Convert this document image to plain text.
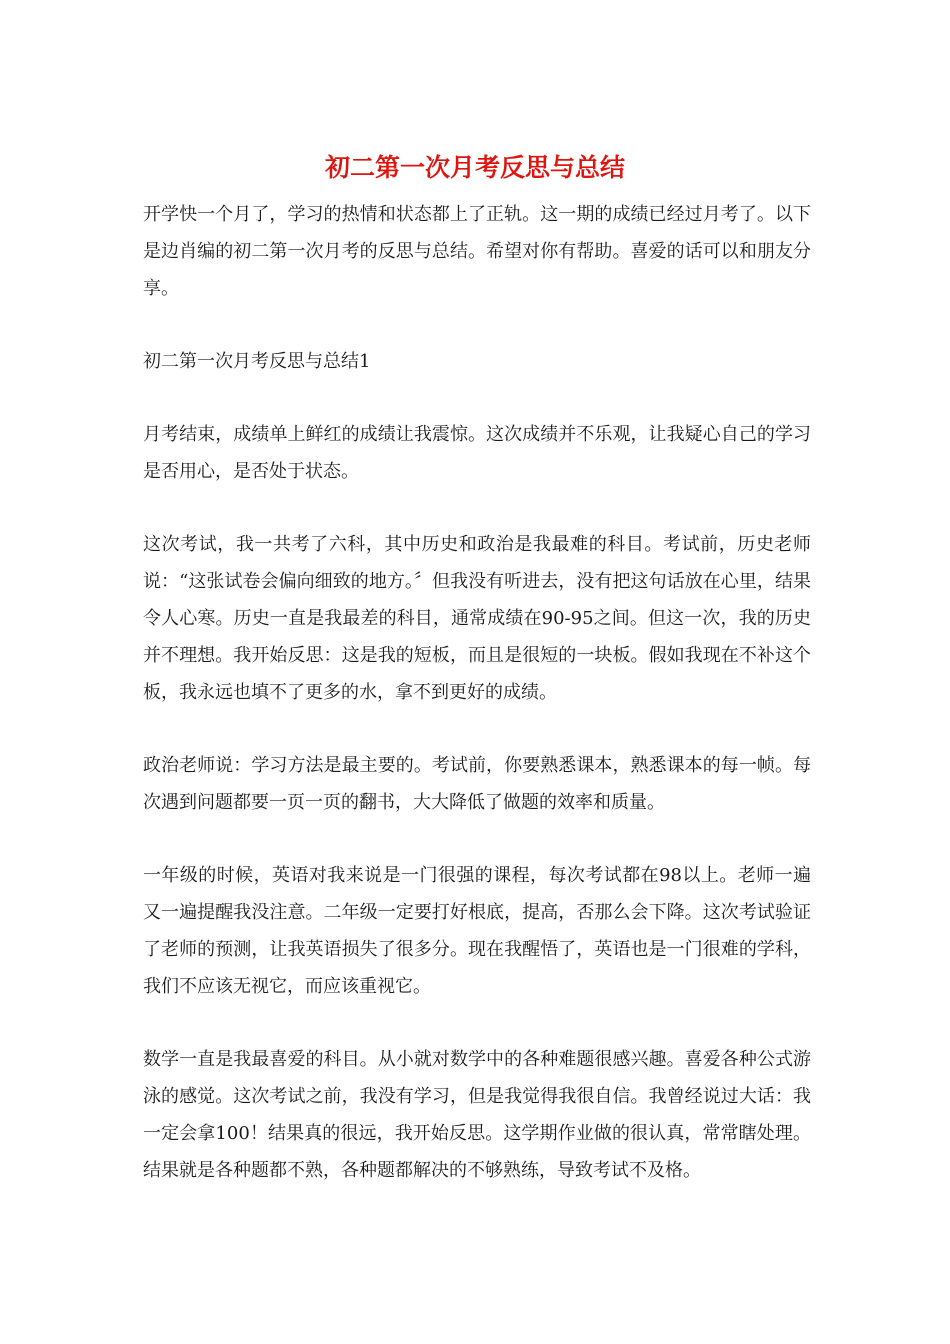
初二第一次月考反思与总结

开学快一个月了，学习的热情和状态都上了正轨。这一期的成绩已经过月考了。以下是边肖编的初二第一次月考的反思与总结。希望对你有帮助。喜爱的话可以和朋友分享。

初二第一次月考反思与总结1

月考结束，成绩单上鲜红的成绩让我震惊。这次成绩并不乐观，让我疑心自己的学习是否用心，是否处于状态。

这次考试，我一共考了六科，其中历史和政治是我最难的科目。考试前，历史老师说：“这张试卷会偏向细致的地方。〞但我没有听进去，没有把这句话放在心里，结果令人心寒。历史一直是我最差的科目，通常成绩在90-95之间。但这一次，我的历史并不理想。我开始反思：这是我的短板，而且是很短的一块板。假如我现在不补这个板，我永远也填不了更多的水，拿不到更好的成绩。

政治老师说：学习方法是最主要的。考试前，你要熟悉课本，熟悉课本的每一帧。每次遇到问题都要一页一页的翻书，大大降低了做题的效率和质量。

一年级的时候，英语对我来说是一门很强的课程，每次考试都在98以上。老师一遍又一遍提醒我没注意。二年级一定要打好根底，提高，否那么会下降。这次考试验证了老师的预测，让我英语损失了很多分。现在我醒悟了，英语也是一门很难的学科，我们不应该无视它，而应该重视它。

数学一直是我最喜爱的科目。从小就对数学中的各种难题很感兴趣。喜爱各种公式游泳的感觉。这次考试之前，我没有学习，但是我觉得我很自信。我曾经说过大话：我一定会拿100！结果真的很远，我开始反思。这学期作业做的很认真，常常瞎处理。结果就是各种题都不熟，各种题都解决的不够熟练，导致考试不及格。
